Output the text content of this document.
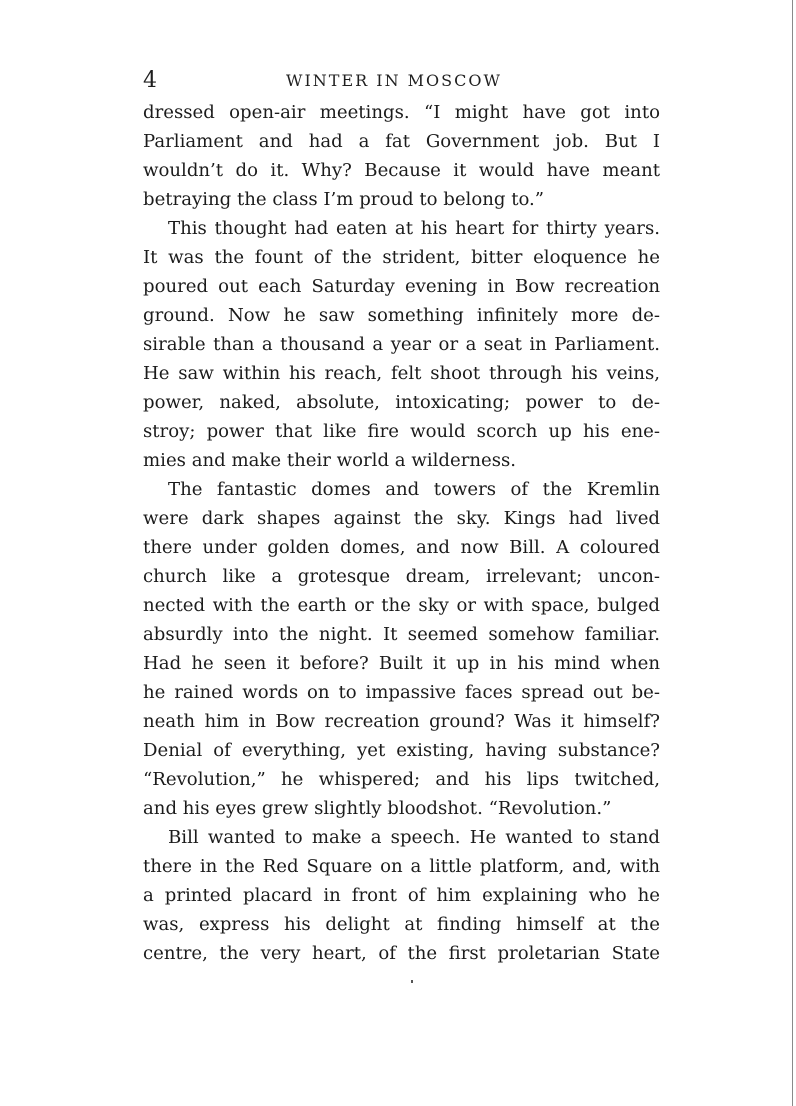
4	WINTER IN MOSCOW
dressed open-air meetings. “I might have got into
Parliament and had a fat Government job. But I
wouldn’t do it. Why? Because it would have meant
betraying the class I’m proud to belong to.”
This thought had eaten at his heart for thirty years.
It was the fount of the strident, bitter eloquence he
poured out each Saturday evening in Bow recreation
ground. Now he saw something infinitely more de-
sirable than a thousand a year or a seat in Parliament.
He saw within his reach, felt shoot through his veins,
power, naked, absolute, intoxicating; power to de-
stroy; power that like fire would scorch up his ene-
mies and make their world a wilderness.
The fantastic domes and towers of the Kremlin
were dark shapes against the sky. Kings had lived
there under golden domes, and now Bill. A coloured
church like a grotesque dream, irrelevant; uncon-
nected with the earth or the sky or with space, bulged
absurdly into the night. It seemed somehow familiar.
Had he seen it before? Built it up in his mind when
he rained words on to impassive faces spread out be-
neath him in Bow recreation ground? Was it himself?
Denial of everything, yet existing, having substance?
“Revolution,” he whispered; and his lips twitched,
and his eyes grew slightly bloodshot. “Revolution.”
Bill wanted to make a speech. He wanted to stand
there in the Red Square on a little platform, and, with
a printed placard in front of him explaining who he
was, express his delight at finding himself at the
centre, the very heart, of the first proletarian State
